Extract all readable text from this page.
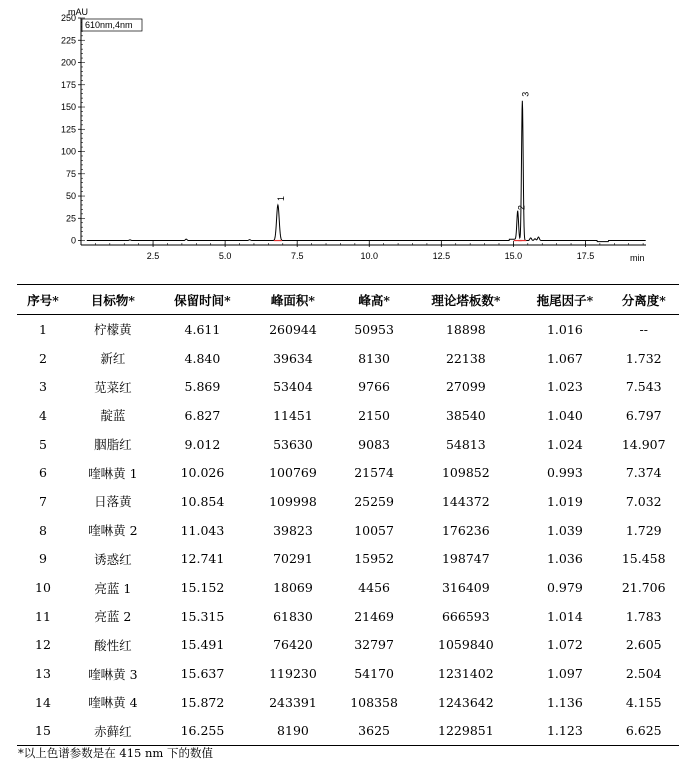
0
25
50
75
100
125
150
175
200
225
250
2.5	5.0	7.5	10.0	12.5	15.0	17.5
mAU
min
610nm,4nm
1
2
3
序号*	目标物*	保留时间*	峰面积*	峰高*	理论塔板数*	拖尾因子*	分离度*
1	柠檬黄	4.611	260944	50953	18898	1.016	--
2	新红	4.840	39634	8130	22138	1.067	1.732
3	苋菜红	5.869	53404	9766	27099	1.023	7.543
4	靛蓝	6.827	11451	2150	38540	1.040	6.797
5	胭脂红	9.012	53630	9083	54813	1.024	14.907
6	喹啉黄 1	10.026	100769	21574	109852	0.993	7.374
7	日落黄	10.854	109998	25259	144372	1.019	7.032
8	喹啉黄 2	11.043	39823	10057	176236	1.039	1.729
9	诱惑红	12.741	70291	15952	198747	1.036	15.458
10	亮蓝 1	15.152	18069	4456	316409	0.979	21.706
11	亮蓝 2	15.315	61830	21469	666593	1.014	1.783
12	酸性红	15.491	76420	32797	1059840	1.072	2.605
13	喹啉黄 3	15.637	119230	54170	1231402	1.097	2.504
14	喹啉黄 4	15.872	243391	108358	1243642	1.136	4.155
15	赤藓红	16.255	8190	3625	1229851	1.123	6.625
*以上色谱参数是在 415 nm 下的数值
